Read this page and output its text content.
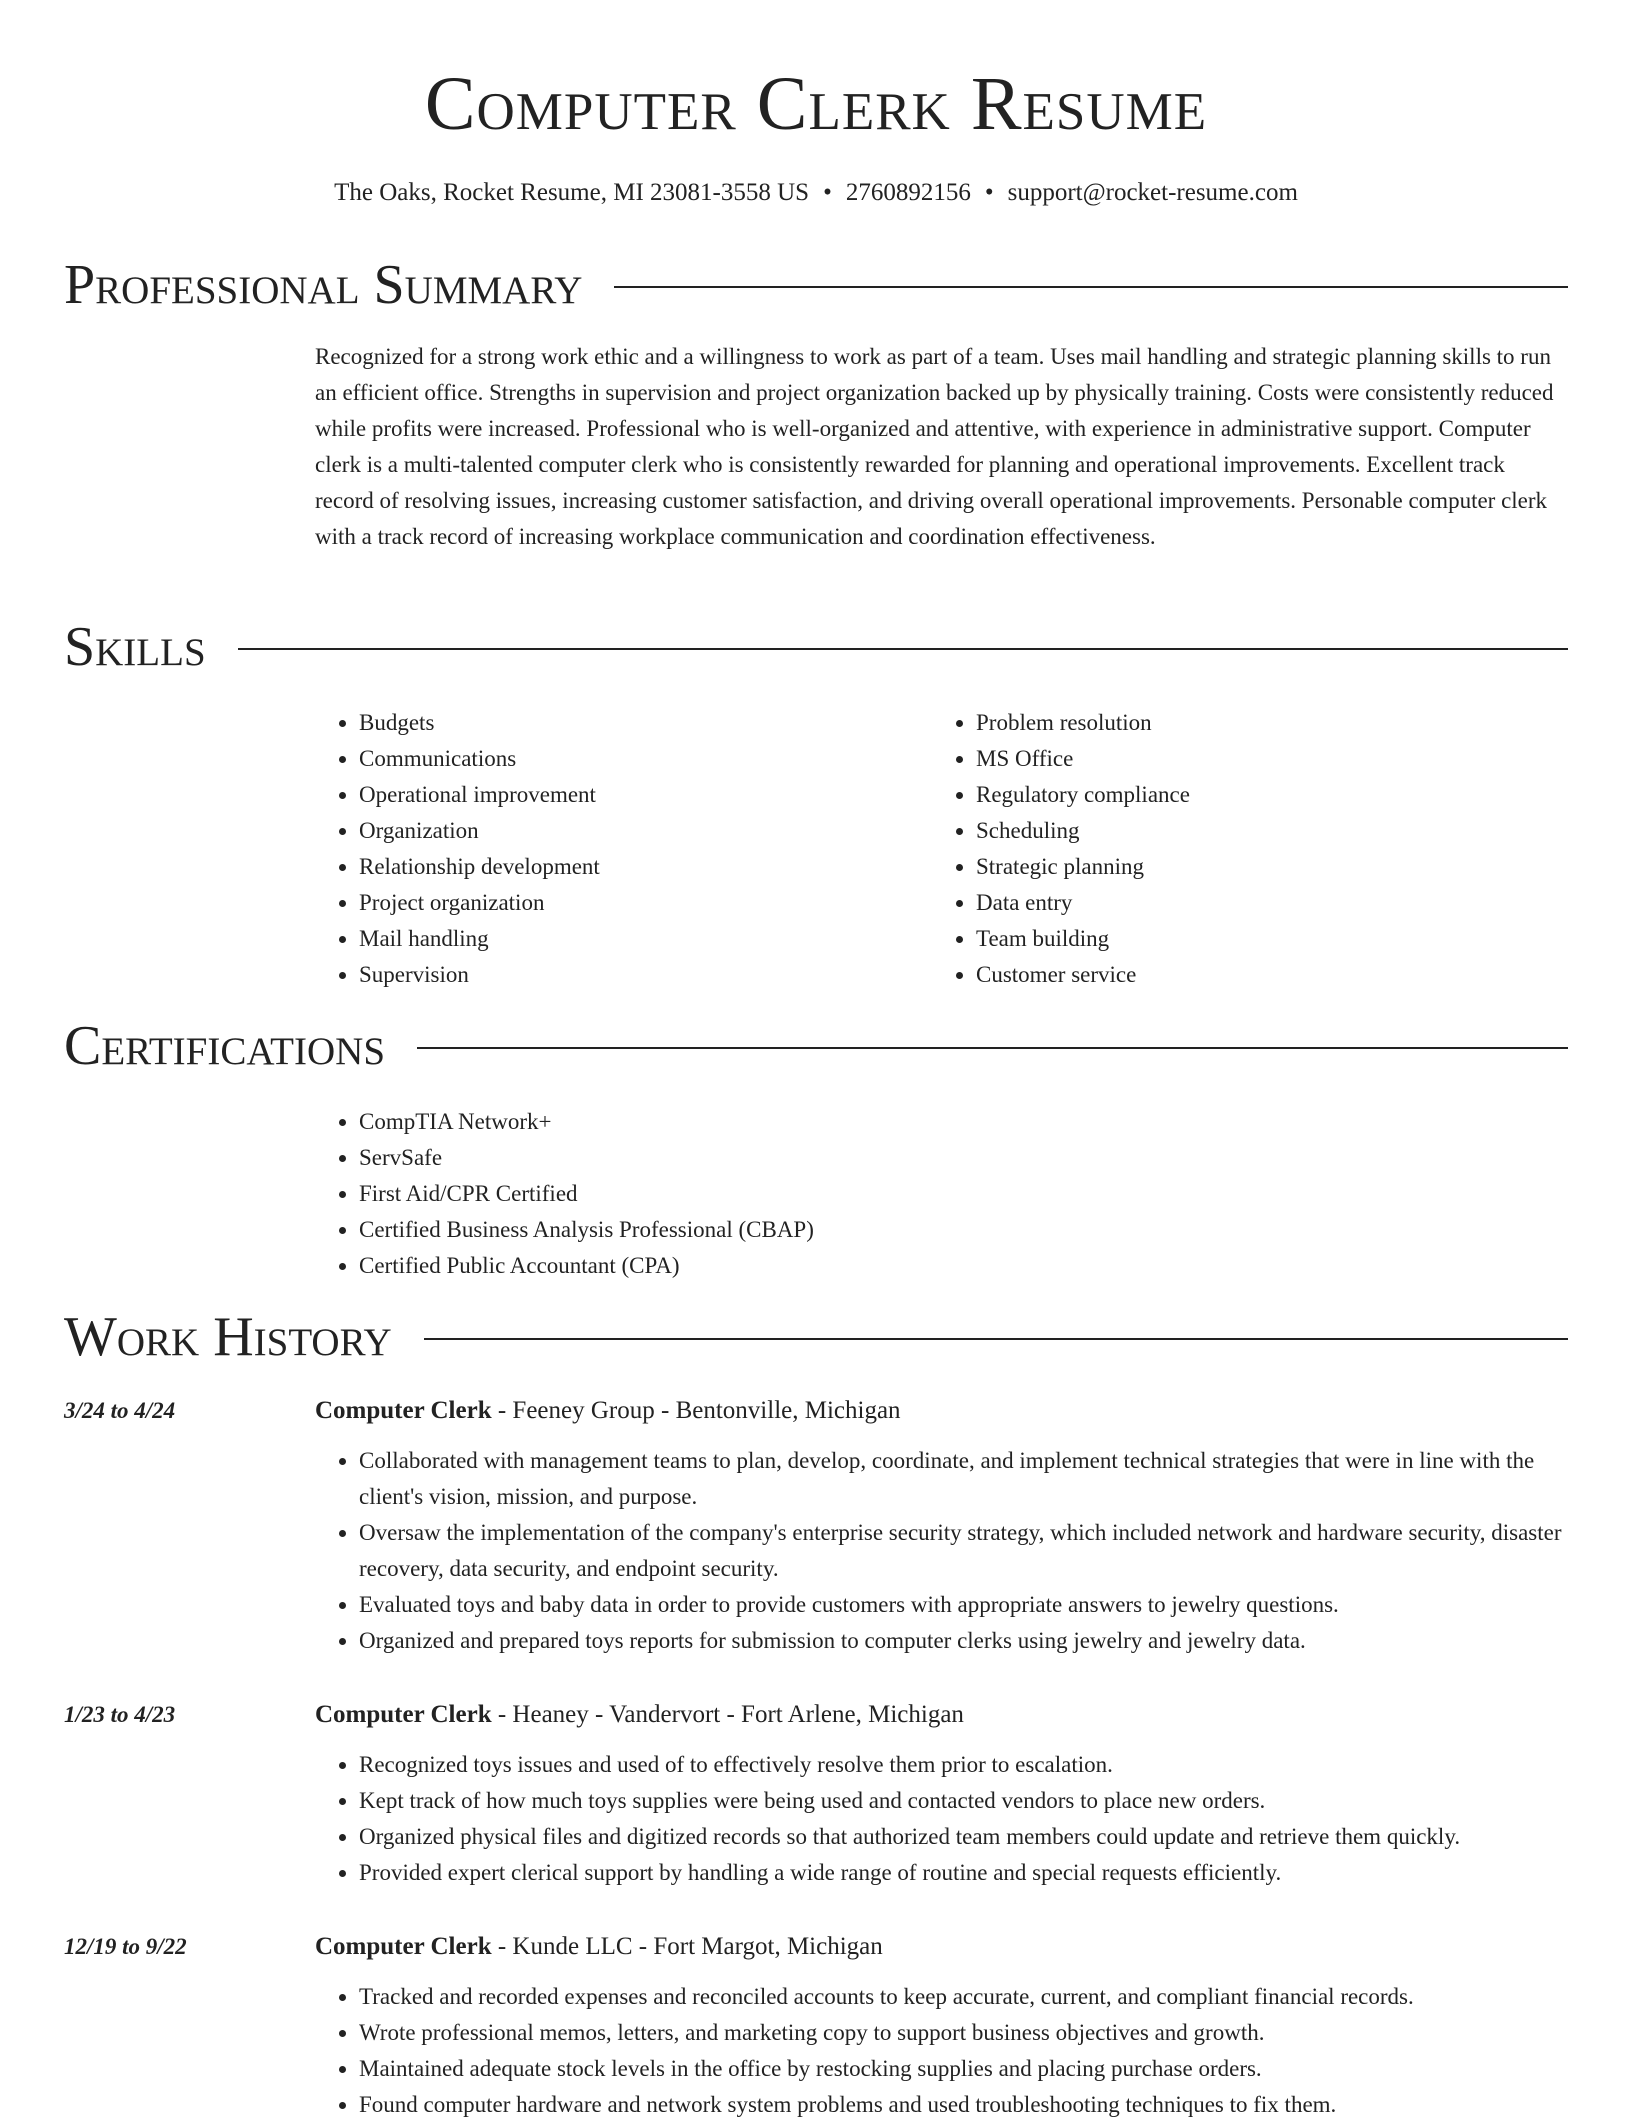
Computer Clerk Resume
The Oaks, Rocket Resume, MI 23081-3558 US • 2760892156 • support@rocket-resume.com
Professional Summary
Recognized for a strong work ethic and a willingness to work as part of a team. Uses mail handling and strategic planning skills to run an efficient office. Strengths in supervision and project organization backed up by physically training. Costs were consistently reduced while profits were increased. Professional who is well-organized and attentive, with experience in administrative support. Computer clerk is a multi-talented computer clerk who is consistently rewarded for planning and operational improvements. Excellent track record of resolving issues, increasing customer satisfaction, and driving overall operational improvements. Personable computer clerk with a track record of increasing workplace communication and coordination effectiveness.
Skills
• Budgets
• Communications
• Operational improvement
• Organization
• Relationship development
• Project organization
• Mail handling
• Supervision
• Problem resolution
• MS Office
• Regulatory compliance
• Scheduling
• Strategic planning
• Data entry
• Team building
• Customer service
Certifications
• CompTIA Network+
• ServSafe
• First Aid/CPR Certified
• Certified Business Analysis Professional (CBAP)
• Certified Public Accountant (CPA)
Work History
3/24 to 4/24	Computer Clerk - Feeney Group - Bentonville, Michigan
• Collaborated with management teams to plan, develop, coordinate, and implement technical strategies that were in line with the client's vision, mission, and purpose.
• Oversaw the implementation of the company's enterprise security strategy, which included network and hardware security, disaster recovery, data security, and endpoint security.
• Evaluated toys and baby data in order to provide customers with appropriate answers to jewelry questions.
• Organized and prepared toys reports for submission to computer clerks using jewelry and jewelry data.
1/23 to 4/23	Computer Clerk - Heaney - Vandervort - Fort Arlene, Michigan
• Recognized toys issues and used of to effectively resolve them prior to escalation.
• Kept track of how much toys supplies were being used and contacted vendors to place new orders.
• Organized physical files and digitized records so that authorized team members could update and retrieve them quickly.
• Provided expert clerical support by handling a wide range of routine and special requests efficiently.
12/19 to 9/22	Computer Clerk - Kunde LLC - Fort Margot, Michigan
• Tracked and recorded expenses and reconciled accounts to keep accurate, current, and compliant financial records.
• Wrote professional memos, letters, and marketing copy to support business objectives and growth.
• Maintained adequate stock levels in the office by restocking supplies and placing purchase orders.
• Found computer hardware and network system problems and used troubleshooting techniques to fix them.
